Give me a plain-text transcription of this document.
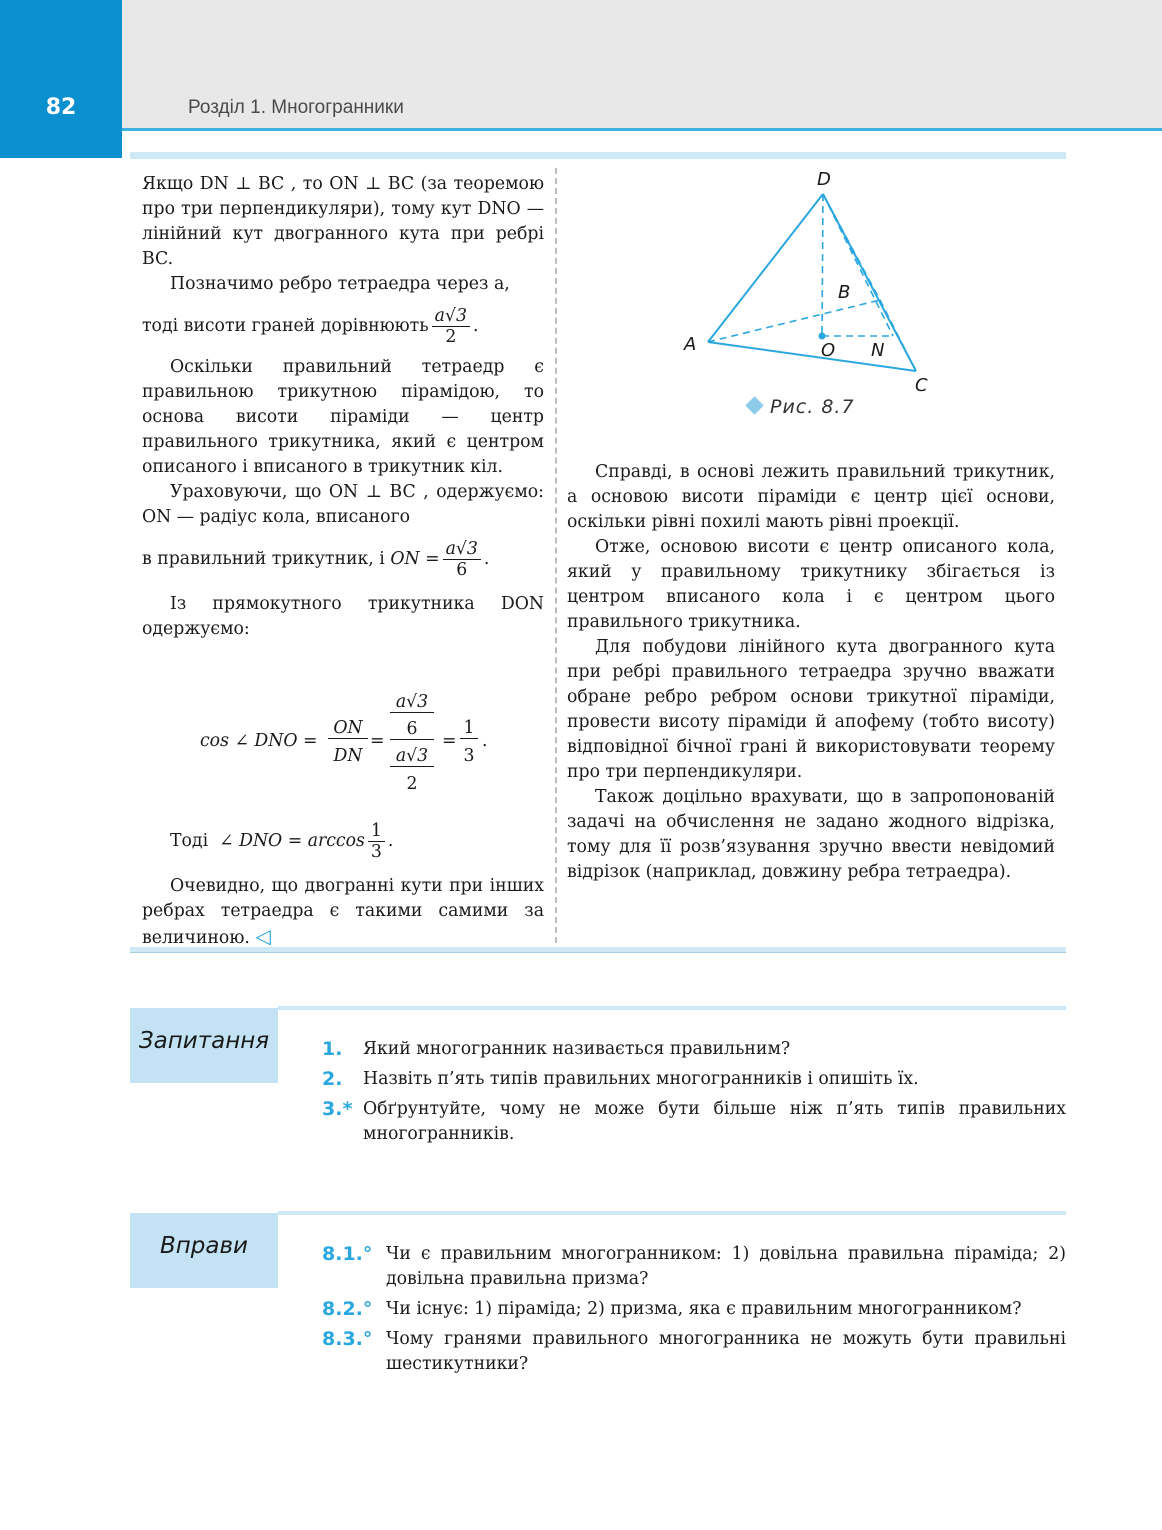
82	Розділ 1. Многогранники

Якщо DN ⊥ BC , то ON ⊥ BC (за теоремою про три перпендикуляри), тому кут DNO — лінійний кут двогранного кута при ребрі BC.

Позначимо ребро тетраедра через a,

тоді висоти граней дорівнюють $\frac{a√3}{2}$ .

Оскільки правильний тетраедр є правильною трикутною пірамідою, то основа висоти піраміди — центр правильного трикутника, який є центром описаного і вписаного в трикутник кіл.

Ураховуючи, що ON ⊥ BC , одержуємо: ON — радіус кола, вписаного

в правильний трикутник, і
ON = $\frac{a√3}{6}$ .

Із прямокутного трикутника DON одержуємо:

cos ∠ DNO =
ON
DN
=
a√3
6
a√3
2
=
1
3
.
Тоді
∠ DNO = $\arccos \frac{1}{3}$ .

Очевидно, що двогранні кути при інших ребрах тетраедра є такими самими за величиною. ◁

D
A
B
O N
C
Рис. 8.7

Справді, в основі лежить правильний трикутник, а основою висоти піраміди є центр цієї основи, оскільки рівні похилі мають рівні проекції.

Отже, основою висоти є центр описаного кола, який у правильному трикутнику збігається із центром вписаного кола і є центром цього правильного трикутника.

Для побудови лінійного кута двогранного кута при ребрі правильного тетраедра зручно вважати обране ребро ребром основи трикутної піраміди, провести висоту піраміди й апофему (тобто висоту) відповідної бічної грані й використовувати теорему про три перпендикуляри.

Також доцільно врахувати, що в запропонованій задачі на обчислення не задано жодного відрізка, тому для її розв’язування зручно ввести невідомий відрізок (наприклад, довжину ребра тетраедра).

Запитання	1. Який многогранник називається правильним?
2. Назвіть п’ять типів правильних многогранників і опишіть їх.
3.* Обґрунтуйте, чому не може бути більше ніж п’ять типів правильних многогранників.
Вправи	8.1.° Чи є правильним многогранником: 1) довільна правильна піраміда; 2) довільна правильна призма?
8.2.° Чи існує: 1) піраміда; 2) призма, яка є правильним многогранником?
8.3.° Чому гранями правильного многогранника не можуть бути правильні шестикутники?
